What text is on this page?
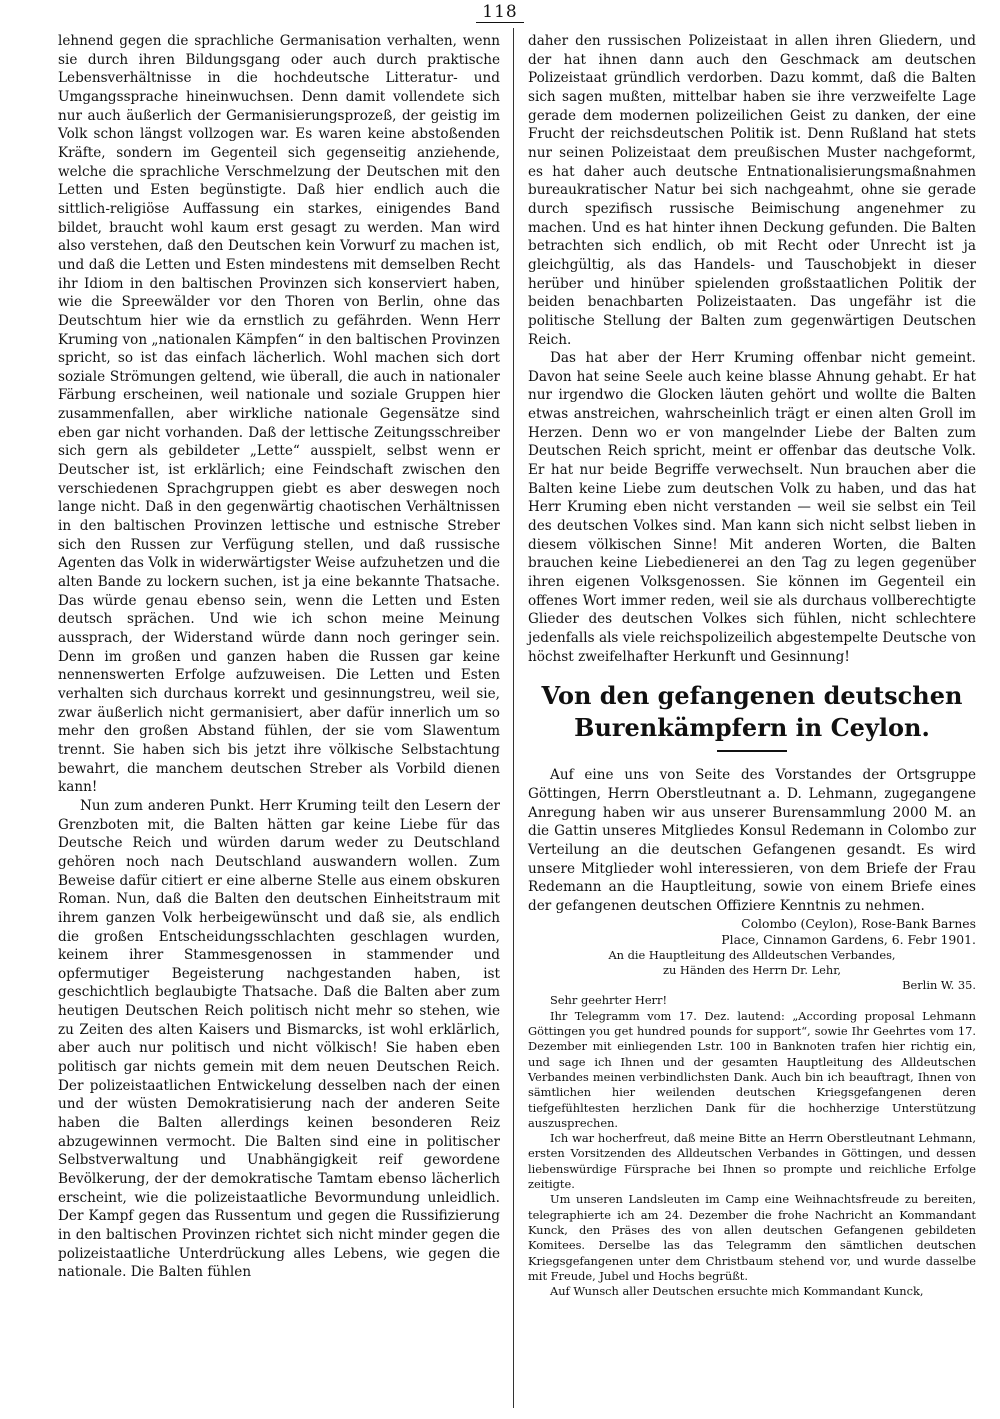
118

lehnend gegen die sprachliche Germanisation verhalten, wenn sie durch ihren Bildungsgang oder auch durch praktische Lebensverhältnisse in die hochdeutsche Litteratur- und Umgangssprache hineinwuchsen. Denn damit vollendete sich nur auch äußerlich der Germanisierungsprozeß, der geistig im Volk schon längst vollzogen war. Es waren keine abstoßenden Kräfte, sondern im Gegenteil sich gegenseitig anziehende, welche die sprachliche Verschmelzung der Deutschen mit den Letten und Esten begünstigte. Daß hier endlich auch die sittlich-religiöse Auffassung ein starkes, einigendes Band bildet, braucht wohl kaum erst gesagt zu werden. Man wird also verstehen, daß den Deutschen kein Vorwurf zu machen ist, und daß die Letten und Esten mindestens mit demselben Recht ihr Idiom in den baltischen Provinzen sich konserviert haben, wie die Spreewälder vor den Thoren von Berlin, ohne das Deutschtum hier wie da ernstlich zu gefährden. Wenn Herr Kruming von „nationalen Kämpfen“ in den baltischen Provinzen spricht, so ist das einfach lächerlich. Wohl machen sich dort soziale Strömungen geltend, wie überall, die auch in nationaler Färbung erscheinen, weil nationale und soziale Gruppen hier zusammenfallen, aber wirkliche nationale Gegensätze sind eben gar nicht vorhanden. Daß der lettische Zeitungsschreiber sich gern als gebildeter „Lette“ ausspielt, selbst wenn er Deutscher ist, ist erklärlich; eine Feindschaft zwischen den verschiedenen Sprachgruppen giebt es aber deswegen noch lange nicht. Daß in den gegenwärtig chaotischen Verhältnissen in den baltischen Provinzen lettische und estnische Streber sich den Russen zur Verfügung stellen, und daß russische Agenten das Volk in widerwärtigster Weise aufzuhetzen und die alten Bande zu lockern suchen, ist ja eine bekannte Thatsache. Das würde genau ebenso sein, wenn die Letten und Esten deutsch sprächen. Und wie ich schon meine Meinung aussprach, der Widerstand würde dann noch geringer sein. Denn im großen und ganzen haben die Russen gar keine nennenswerten Erfolge aufzuweisen. Die Letten und Esten verhalten sich durchaus korrekt und gesinnungstreu, weil sie, zwar äußerlich nicht germanisiert, aber dafür innerlich um so mehr den großen Abstand fühlen, der sie vom Slawentum trennt. Sie haben sich bis jetzt ihre völkische Selbstachtung bewahrt, die manchem deutschen Streber als Vorbild dienen kann!

Nun zum anderen Punkt. Herr Kruming teilt den Lesern der Grenzboten mit, die Balten hätten gar keine Liebe für das Deutsche Reich und würden darum weder zu Deutschland gehören noch nach Deutschland auswandern wollen. Zum Beweise dafür citiert er eine alberne Stelle aus einem obskuren Roman. Nun, daß die Balten den deutschen Einheitstraum mit ihrem ganzen Volk herbeigewünscht und daß sie, als endlich die großen Entscheidungsschlachten geschlagen wurden, keinem ihrer Stammesgenossen in stammender und opfermutiger Begeisterung nachgestanden haben, ist geschichtlich beglaubigte Thatsache. Daß die Balten aber zum heutigen Deutschen Reich politisch nicht mehr so stehen, wie zu Zeiten des alten Kaisers und Bismarcks, ist wohl erklärlich, aber auch nur politisch und nicht völkisch! Sie haben eben politisch gar nichts gemein mit dem neuen Deutschen Reich. Der polizeistaatlichen Entwickelung desselben nach der einen und der wüsten Demokratisierung nach der anderen Seite haben die Balten allerdings keinen besonderen Reiz abzugewinnen vermocht. Die Balten sind eine in politischer Selbstverwaltung und Unabhängigkeit reif gewordene Bevölkerung, der der demokratische Tamtam ebenso lächerlich erscheint, wie die polizeistaatliche Bevormundung unleidlich. Der Kampf gegen das Russentum und gegen die Russifizierung in den baltischen Provinzen richtet sich nicht minder gegen die polizeistaatliche Unterdrückung alles Lebens, wie gegen die nationale. Die Balten fühlen

daher den russischen Polizeistaat in allen ihren Gliedern, und der hat ihnen dann auch den Geschmack am deutschen Polizeistaat gründlich verdorben. Dazu kommt, daß die Balten sich sagen mußten, mittelbar haben sie ihre verzweifelte Lage gerade dem modernen polizeilichen Geist zu danken, der eine Frucht der reichsdeutschen Politik ist. Denn Rußland hat stets nur seinen Polizeistaat dem preußischen Muster nachgeformt, es hat daher auch deutsche Entnationalisierungsmaßnahmen bureaukratischer Natur bei sich nachgeahmt, ohne sie gerade durch spezifisch russische Beimischung angenehmer zu machen. Und es hat hinter ihnen Deckung gefunden. Die Balten betrachten sich endlich, ob mit Recht oder Unrecht ist ja gleichgültig, als das Handels- und Tauschobjekt in dieser herüber und hinüber spielenden großstaatlichen Politik der beiden benachbarten Polizeistaaten. Das ungefähr ist die politische Stellung der Balten zum gegenwärtigen Deutschen Reich.

Das hat aber der Herr Kruming offenbar nicht gemeint. Davon hat seine Seele auch keine blasse Ahnung gehabt. Er hat nur irgendwo die Glocken läuten gehört und wollte die Balten etwas anstreichen, wahrscheinlich trägt er einen alten Groll im Herzen. Denn wo er von mangelnder Liebe der Balten zum Deutschen Reich spricht, meint er offenbar das deutsche Volk. Er hat nur beide Begriffe verwechselt. Nun brauchen aber die Balten keine Liebe zum deutschen Volk zu haben, und das hat Herr Kruming eben nicht verstanden — weil sie selbst ein Teil des deutschen Volkes sind. Man kann sich nicht selbst lieben in diesem völkischen Sinne! Mit anderen Worten, die Balten brauchen keine Liebedienerei an den Tag zu legen gegenüber ihren eigenen Volksgenossen. Sie können im Gegenteil ein offenes Wort immer reden, weil sie als durchaus vollberechtigte Glieder des deutschen Volkes sich fühlen, nicht schlechtere jedenfalls als viele reichspolizeilich abgestempelte Deutsche von höchst zweifelhafter Herkunft und Gesinnung!

Von den gefangenen deutschen Burenkämpfern in Ceylon.

Auf eine uns von Seite des Vorstandes der Ortsgruppe Göttingen, Herrn Oberstleutnant a. D. Lehmann, zugegangene Anregung haben wir aus unserer Burensammlung 2000 M. an die Gattin unseres Mitgliedes Konsul Redemann in Colombo zur Verteilung an die deutschen Gefangenen gesandt. Es wird unsere Mitglieder wohl interessieren, von dem Briefe der Frau Redemann an die Hauptleitung, sowie von einem Briefe eines der gefangenen deutschen Offiziere Kenntnis zu nehmen.

Colombo (Ceylon), Rose-Bank Barnes

Place, Cinnamon Gardens, 6. Febr 1901.

An die Hauptleitung des Alldeutschen Verbandes,

zu Händen des Herrn Dr. Lehr,

Berlin W. 35.

Sehr geehrter Herr!

Ihr Telegramm vom 17. Dez. lautend: „According proposal Lehmann Göttingen you get hundred pounds for support“, sowie Ihr Geehrtes vom 17. Dezember mit einliegenden Lstr. 100 in Banknoten trafen hier richtig ein, und sage ich Ihnen und der gesamten Hauptleitung des Alldeutschen Verbandes meinen verbindlichsten Dank. Auch bin ich beauftragt, Ihnen von sämtlichen hier weilenden deutschen Kriegsgefangenen deren tiefgefühltesten herzlichen Dank für die hochherzige Unterstützung auszusprechen.

Ich war hocherfreut, daß meine Bitte an Herrn Oberstleutnant Lehmann, ersten Vorsitzenden des Alldeutschen Verbandes in Göttingen, und dessen liebenswürdige Fürsprache bei Ihnen so prompte und reichliche Erfolge zeitigte.

Um unseren Landsleuten im Camp eine Weihnachtsfreude zu bereiten, telegraphierte ich am 24. Dezember die frohe Nachricht an Kommandant Kunck, den Präses des von allen deutschen Gefangenen gebildeten Komitees. Derselbe las das Telegramm den sämtlichen deutschen Kriegsgefangenen unter dem Christbaum stehend vor, und wurde dasselbe mit Freude, Jubel und Hochs begrüßt.

Auf Wunsch aller Deutschen ersuchte mich Kommandant Kunck,
